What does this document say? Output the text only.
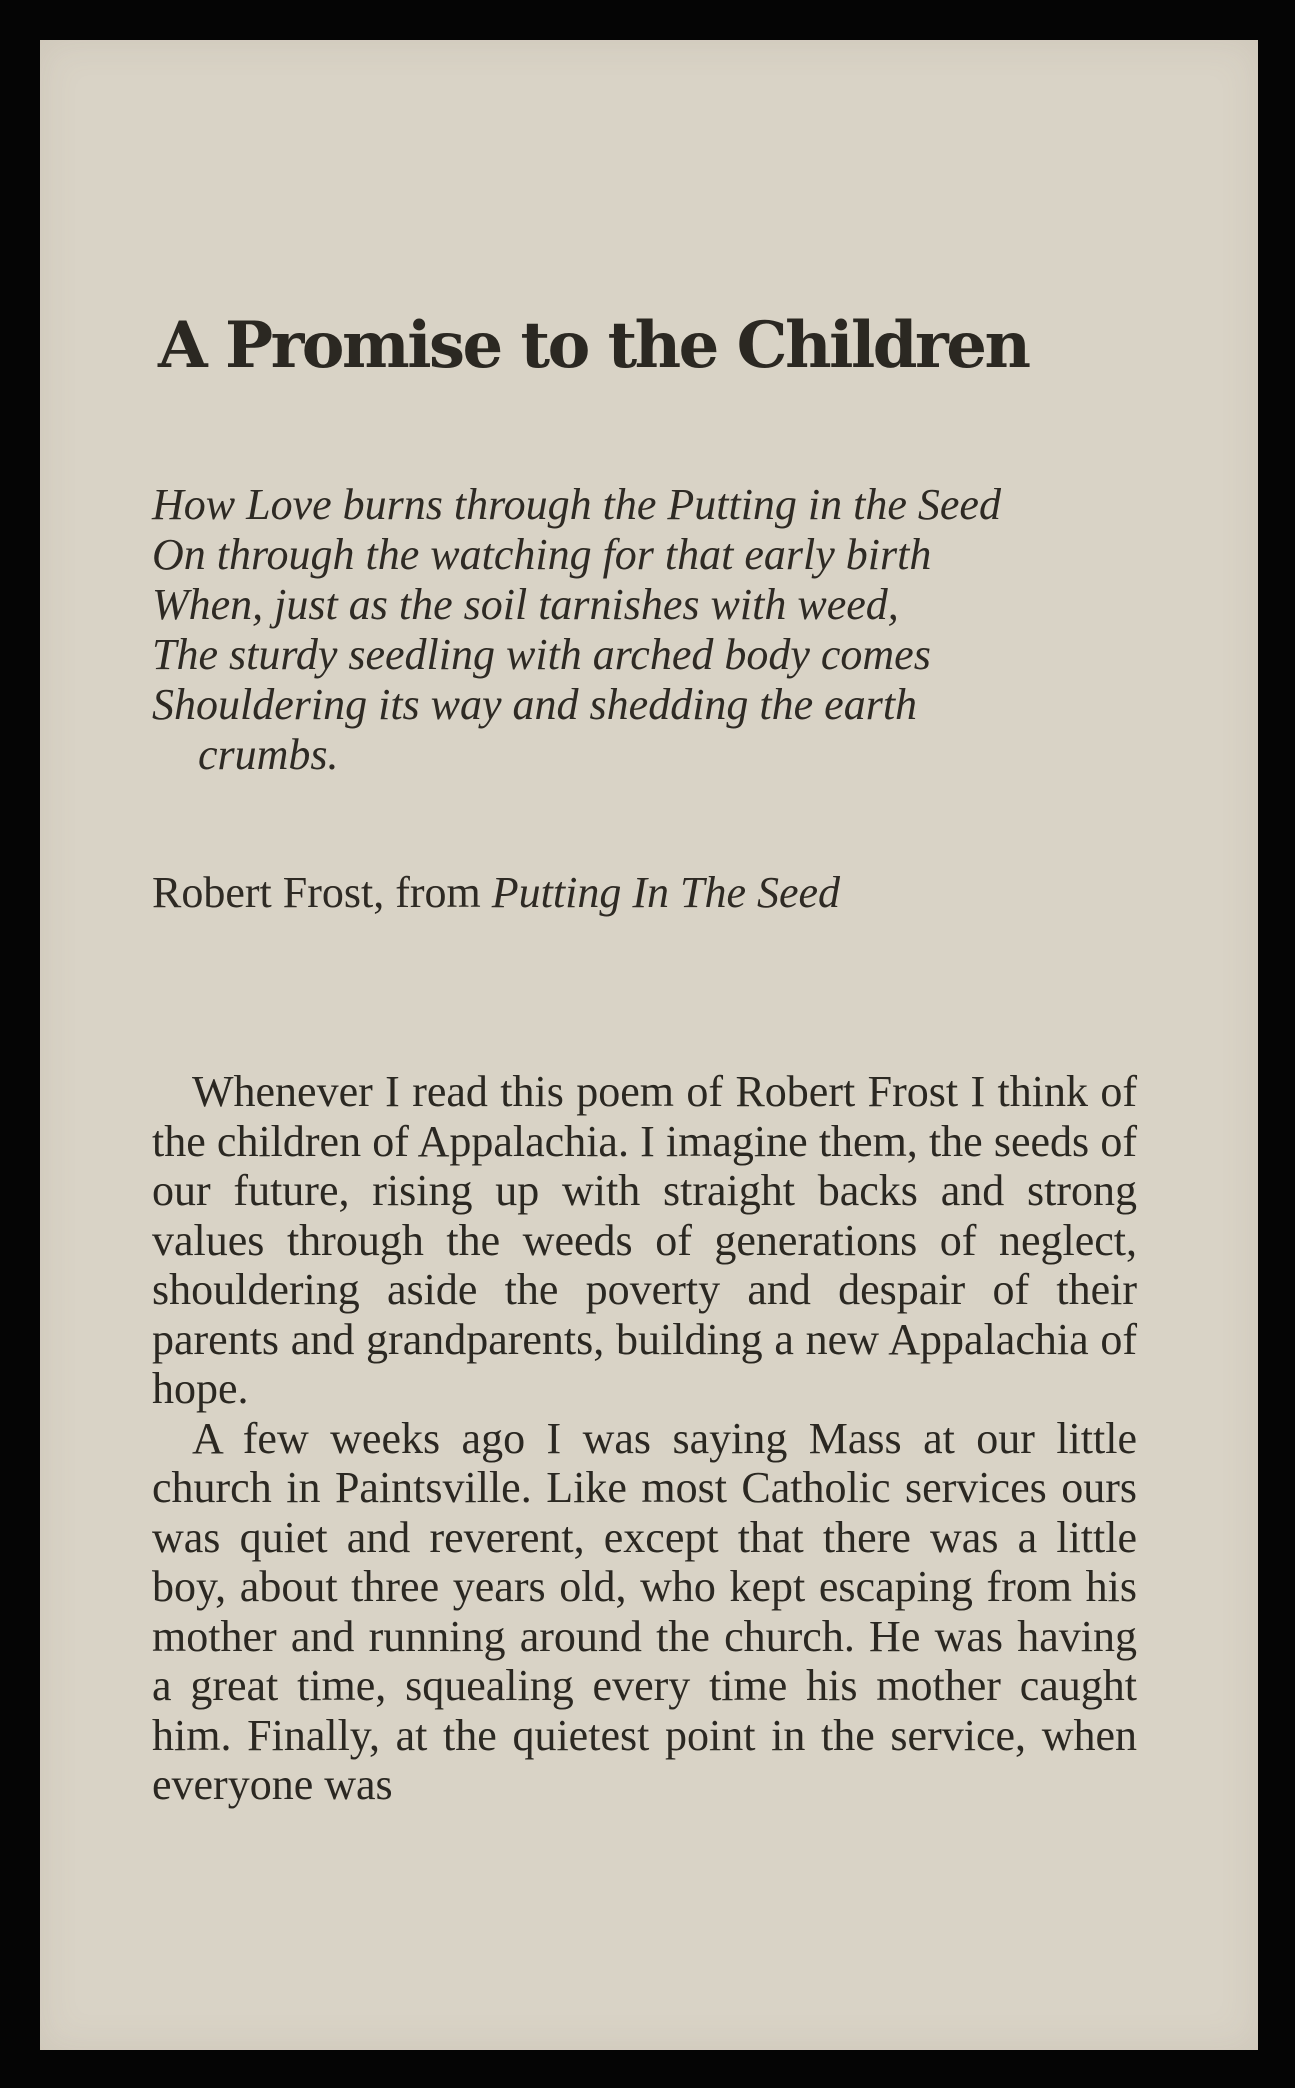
A Promise to the Children
How Love burns through the Putting in the Seed
On through the watching for that early birth
When, just as the soil tarnishes with weed,
The sturdy seedling with arched body comes
Shouldering its way and shedding the earth
crumbs.
Robert Frost, from Putting In The Seed

Whenever I read this poem of Robert Frost I think of the children of Appalachia. I imagine them, the seeds of our future, rising up with straight backs and strong values through the weeds of generations of neglect, shouldering aside the poverty and despair of their parents and grandparents, building a new Appalachia of hope.

A few weeks ago I was saying Mass at our little church in Paintsville. Like most Catholic services ours was quiet and reverent, except that there was a little boy, about three years old, who kept escaping from his mother and running around the church. He was having a great time, squealing every time his mother caught him. Finally, at the quietest point in the service, when everyone was
